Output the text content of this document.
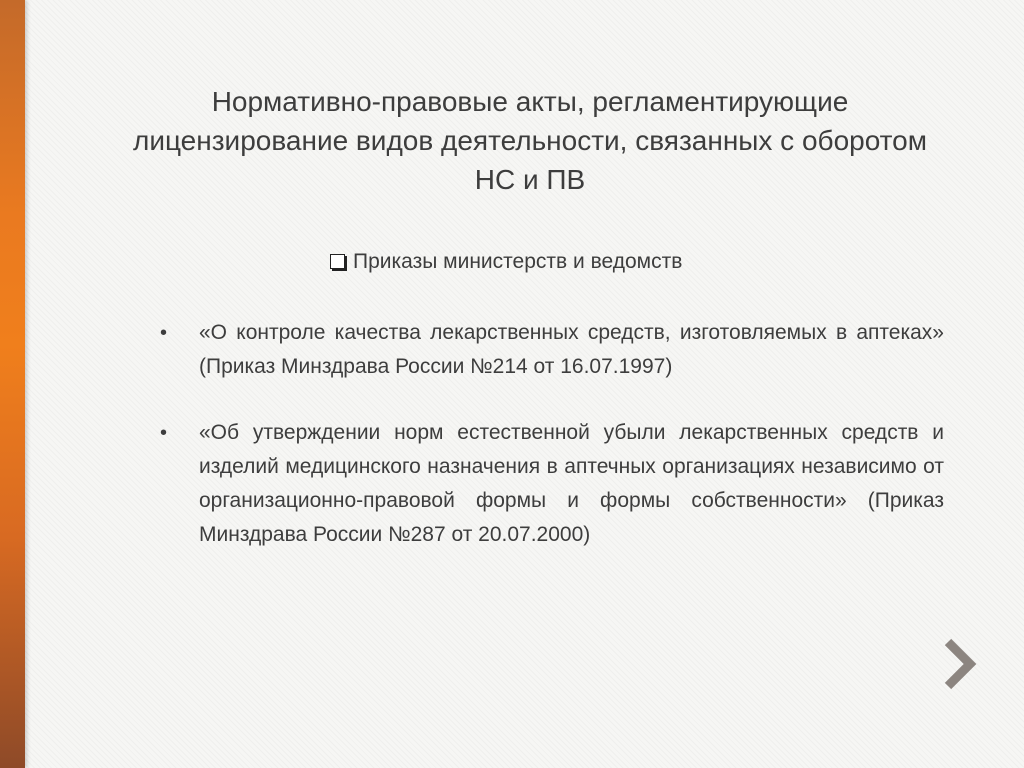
Нормативно-правовые акты, регламентирующие лицензирование видов деятельности, связанных с оборотом НС и ПВ
Приказы министерств и ведомств
• «О контроле качества лекарственных средств, изготовляемых в аптеках» (Приказ Минздрава России №214 от 16.07.1997)
• «Об утверждении норм естественной убыли лекарственных средств и изделий медицинского назначения в аптечных организациях независимо от организационно-правовой формы и формы собственности» (Приказ Минздрава России №287 от 20.07.2000)
